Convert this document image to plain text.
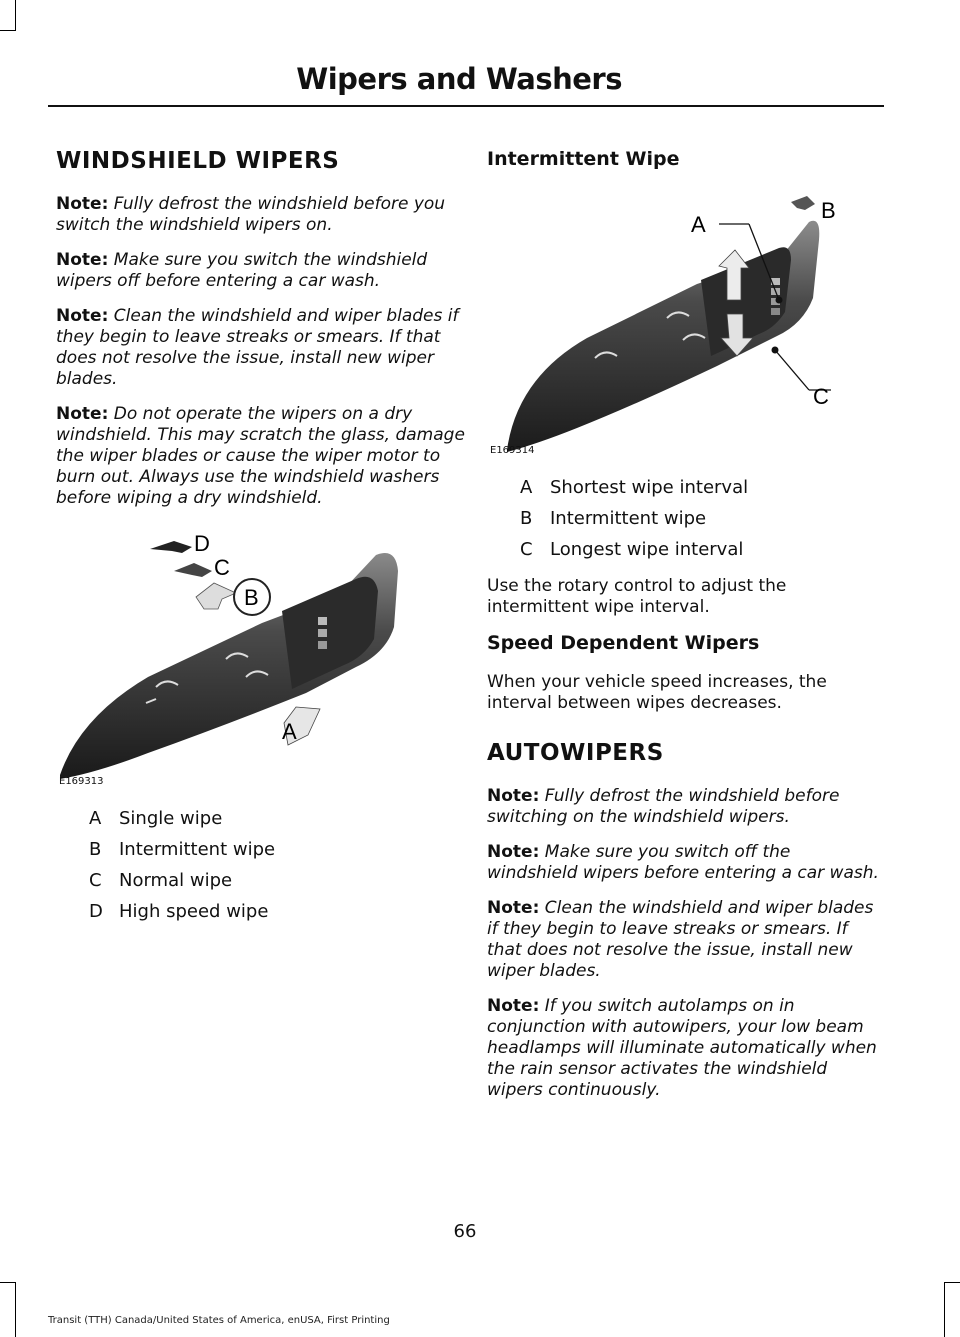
Wipers and Washers
WINDSHIELD WIPERS

Note: Fully defrost the windshield before you switch the windshield wipers on.

Note: Make sure you switch the windshield wipers off before entering a car wash.

Note: Clean the windshield and wiper blades if they begin to leave streaks or smears. If that does not resolve the issue, install new wiper blades.

Note: Do not operate the wipers on a dry windshield. This may scratch the glass, damage the wiper blades or cause the wiper motor to burn out. Always use the windshield washers before wiping a dry windshield.

D
C
B
A
E169313
A Single wipe
B Intermittent wipe
C Normal wipe
D High speed wipe
Intermittent Wipe
A
B
C
E169314
A Shortest wipe interval
B Intermittent wipe
C Longest wipe interval

Use the rotary control to adjust the intermittent wipe interval.

Speed Dependent Wipers

When your vehicle speed increases, the interval between wipes decreases.

AUTOWIPERS

Note: Fully defrost the windshield before switching on the windshield wipers.

Note: Make sure you switch off the windshield wipers before entering a car wash.

Note: Clean the windshield and wiper blades if they begin to leave streaks or smears. If that does not resolve the issue, install new wiper blades.

Note: If you switch autolamps on in conjunction with autowipers, your low beam headlamps will illuminate automatically when the rain sensor activates the windshield wipers continuously.

66
Transit (TTH) Canada/United States of America, enUSA, First Printing
